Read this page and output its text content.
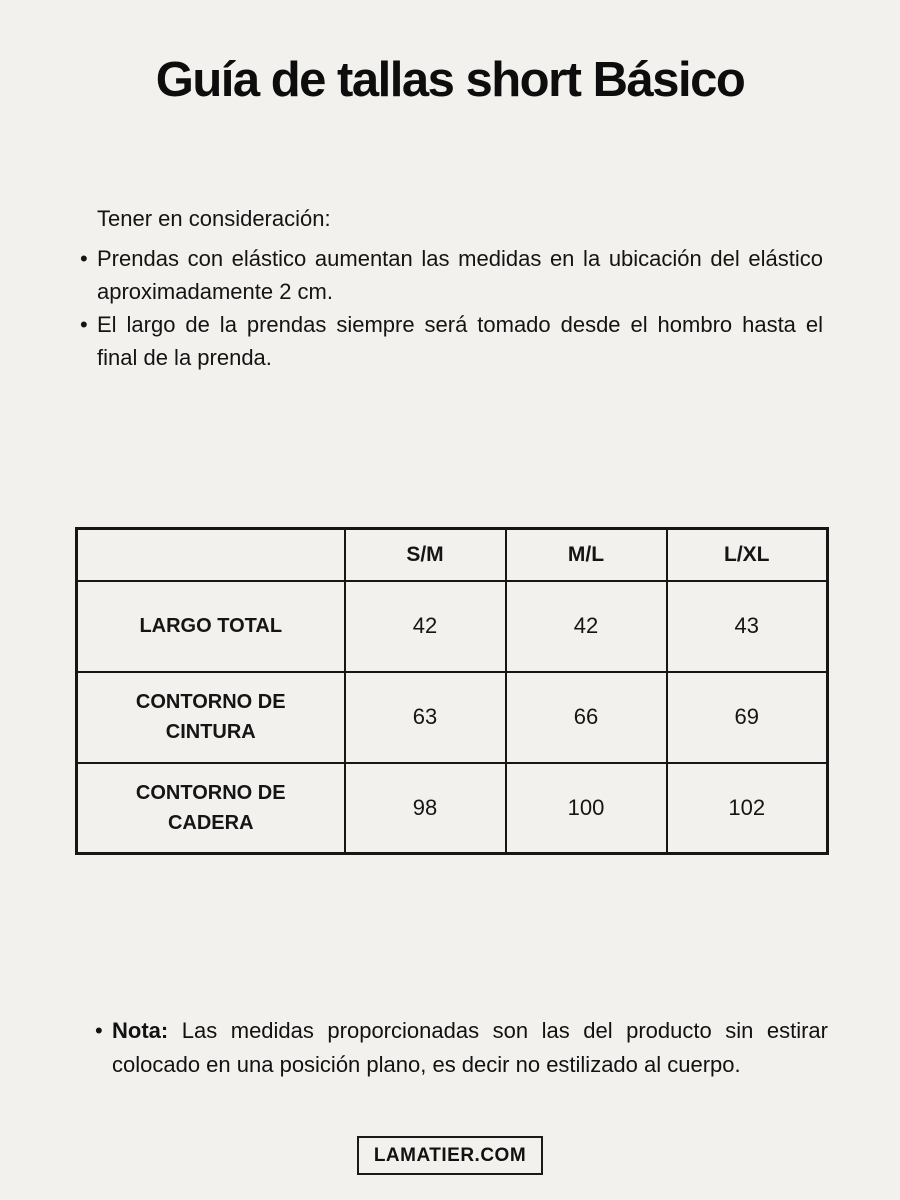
Guía de tallas short Básico
Tener en consideración:
• Prendas con elástico aumentan las medidas en la ubicación del elástico aproximadamente 2 cm.
• El largo de la prendas siempre será tomado desde el hombro hasta el final de la prenda.
	S/M	M/L	L/XL
LARGO TOTAL	42	42	43
CONTORNO DE CINTURA	63	66	69
CONTORNO DE CADERA	98	100	102
• Nota: Las medidas proporcionadas son las del producto sin estirar colocado en una posición plano, es decir no estilizado al cuerpo.
LAMATIER.COM
